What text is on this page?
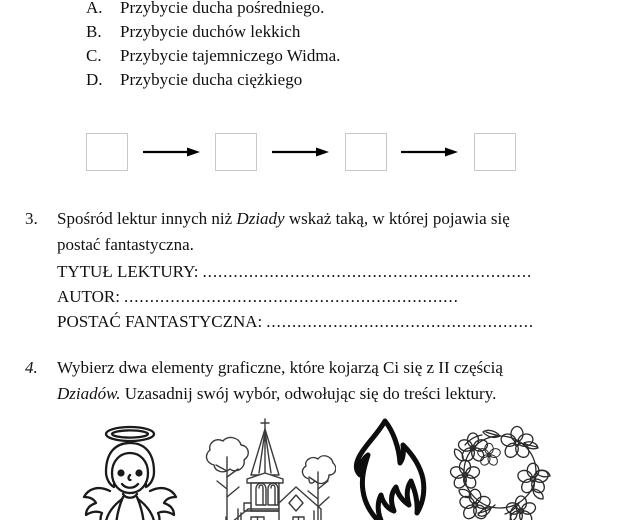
A.	Przybycie ducha pośredniego.
B.	Przybycie duchów lekkich
C.	Przybycie tajemniczego Widma.
D.	Przybycie ducha ciężkiego
3. Spośród lektur innych niż Dziady wskaż taką, w której pojawia się
postać fantastyczna.
TYTUŁ LEKTURY: ................................................................
AUTOR: .................................................................
POSTAĆ FANTASTYCZNA: ....................................................
4. Wybierz dwa elementy graficzne, które kojarzą Ci się z II częścią
Dziadów. Uzasadnij swój wybór, odwołując się do treści lektury.
